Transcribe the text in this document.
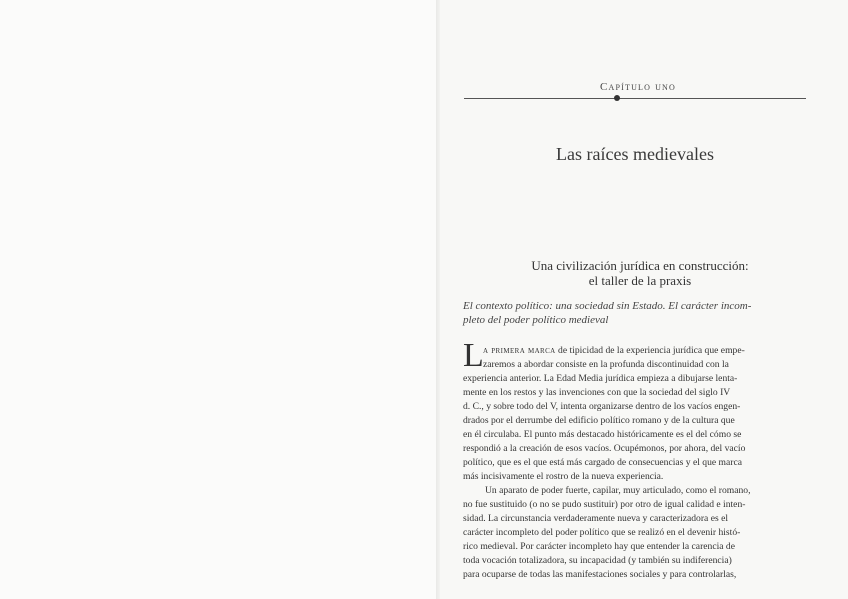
Capítulo uno
Las raíces medievales
Una civilización jurídica en construcción:
el taller de la praxis
El contexto político: una sociedad sin Estado. El carácter incom-
pleto del poder político medieval
L a primera marca de tipicidad de la experiencia jurídica que empe-
zaremos a abordar consiste en la profunda discontinuidad con la
experiencia anterior. La Edad Media jurídica empieza a dibujarse lenta-
mente en los restos y las invenciones con que la sociedad del siglo IV
d. C., y sobre todo del V, intenta organizarse dentro de los vacíos engen-
drados por el derrumbe del edificio político romano y de la cultura que
en él circulaba. El punto más destacado históricamente es el del cómo se
respondió a la creación de esos vacíos. Ocupémonos, por ahora, del vacío
político, que es el que está más cargado de consecuencias y el que marca
más incisivamente el rostro de la nueva experiencia.
Un aparato de poder fuerte, capilar, muy articulado, como el romano,
no fue sustituido (o no se pudo sustituir) por otro de igual calidad e inten-
sidad. La circunstancia verdaderamente nueva y caracterizadora es el
carácter incompleto del poder político que se realizó en el devenir histó-
rico medieval. Por carácter incompleto hay que entender la carencia de
toda vocación totalizadora, su incapacidad (y también su indiferencia)
para ocuparse de todas las manifestaciones sociales y para controlarlas,
